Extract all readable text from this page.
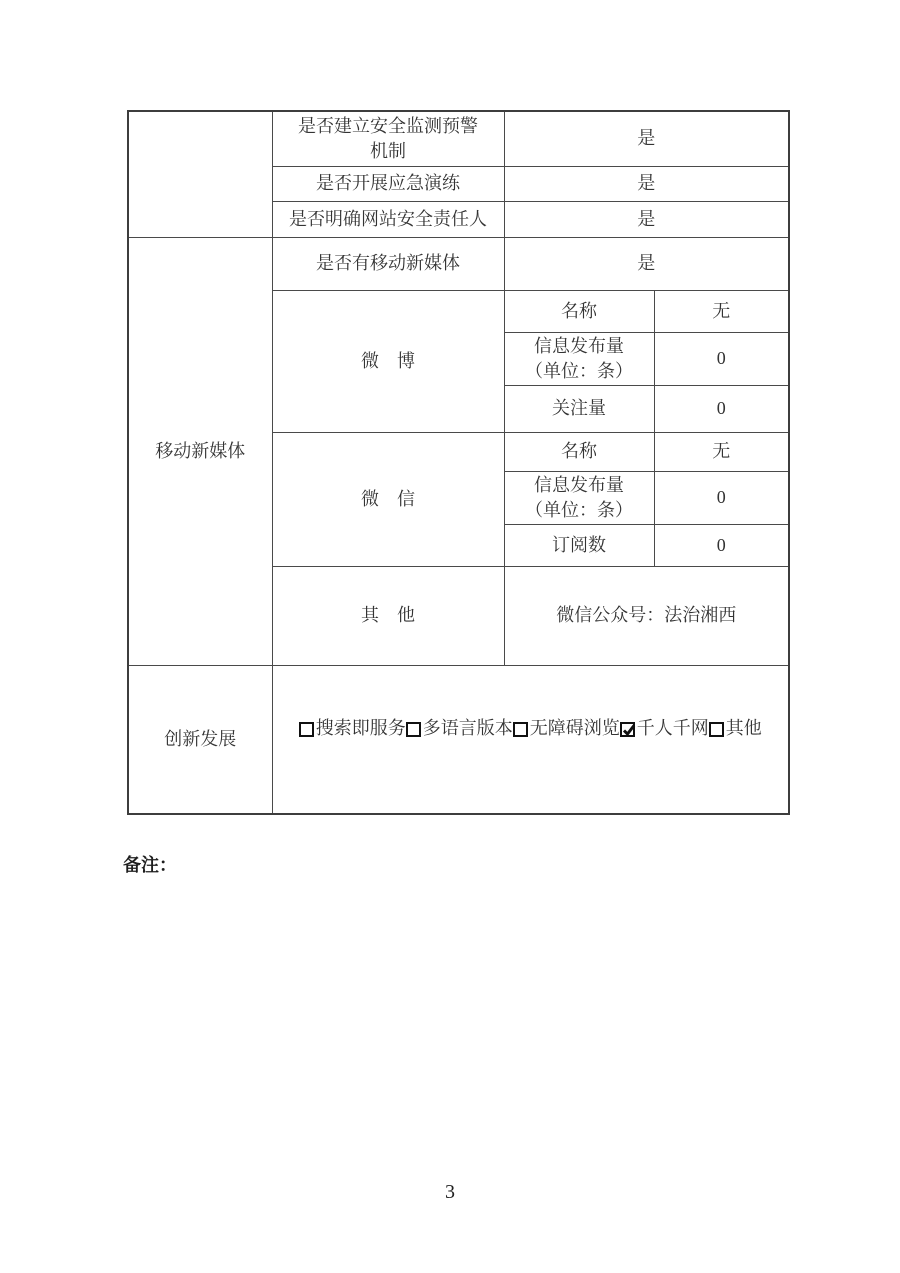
	是否建立安全监测预警
机制	是	
	是否开展应急演练	是	
	是否明确网站安全责任人	是	
移动新媒体	是否有移动新媒体	是	
	微　博	名称	无

		信息发布量
（单位：条）	0
		关注量	0
	微　信	名称	无

		信息发布量
（单位：条）	0
		订阅数	0
	其　他	微信公众号：法治湘西	
创新发展	搜索即服务 多语言版本 无障碍浏览 千人千网 其他		
备注：
3
